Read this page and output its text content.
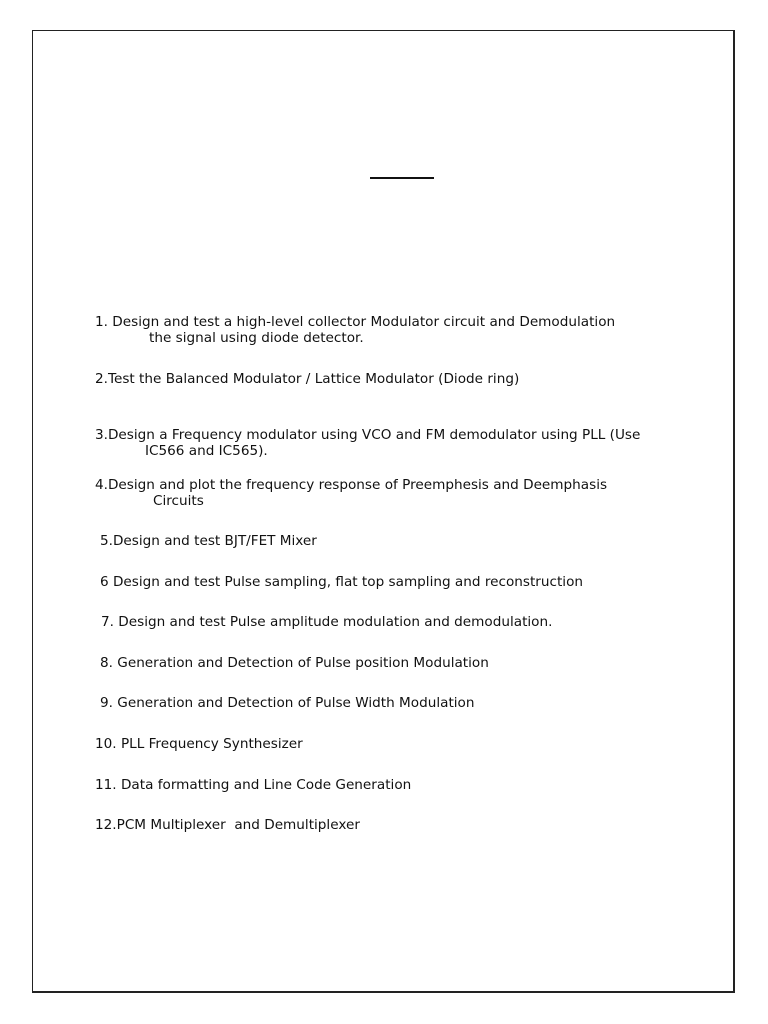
1. Design and test a high-level collector Modulator circuit and Demodulation
the signal using diode detector.

2.Test the Balanced Modulator / Lattice Modulator (Diode ring)

3.Design a Frequency modulator using VCO and FM demodulator using PLL (Use
IC566 and IC565).

4.Design and plot the frequency response of Preemphesis and Deemphasis
Circuits

5.Design and test BJT/FET Mixer

6 Design and test Pulse sampling, flat top sampling and reconstruction

7. Design and test Pulse amplitude modulation and demodulation.

8. Generation and Detection of Pulse position Modulation

9. Generation and Detection of Pulse Width Modulation

10. PLL Frequency Synthesizer

11. Data formatting and Line Code Generation

12.PCM Multiplexer  and Demultiplexer
